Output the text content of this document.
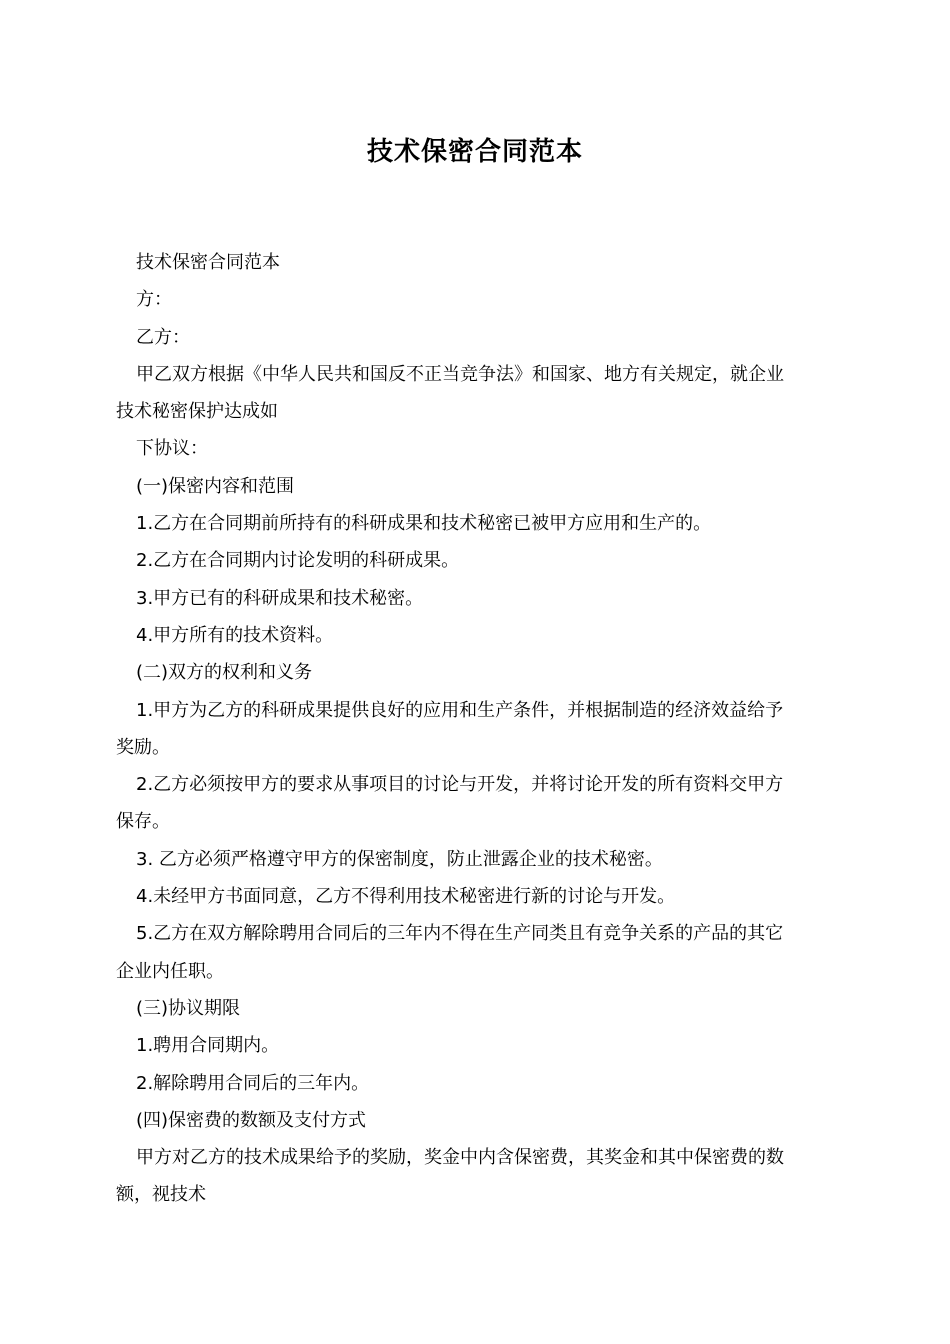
技术保密合同范本
技术保密合同范本
方：
乙方：
甲乙双方根据《中华人民共和国反不正当竞争法》和国家、地方有关规定，就企业
技术秘密保护达成如
下协议：
(一)保密内容和范围
1.乙方在合同期前所持有的科研成果和技术秘密已被甲方应用和生产的。
2.乙方在合同期内讨论发明的科研成果。
3.甲方已有的科研成果和技术秘密。
4.甲方所有的技术资料。
(二)双方的权利和义务
1.甲方为乙方的科研成果提供良好的应用和生产条件，并根据制造的经济效益给予
奖励。
2.乙方必须按甲方的要求从事项目的讨论与开发，并将讨论开发的所有资料交甲方
保存。
3. 乙方必须严格遵守甲方的保密制度，防止泄露企业的技术秘密。
4.未经甲方书面同意，乙方不得利用技术秘密进行新的讨论与开发。
5.乙方在双方解除聘用合同后的三年内不得在生产同类且有竞争关系的产品的其它
企业内任职。
(三)协议期限
1.聘用合同期内。
2.解除聘用合同后的三年内。
(四)保密费的数额及支付方式
甲方对乙方的技术成果给予的奖励，奖金中内含保密费，其奖金和其中保密费的数
额，视技术
